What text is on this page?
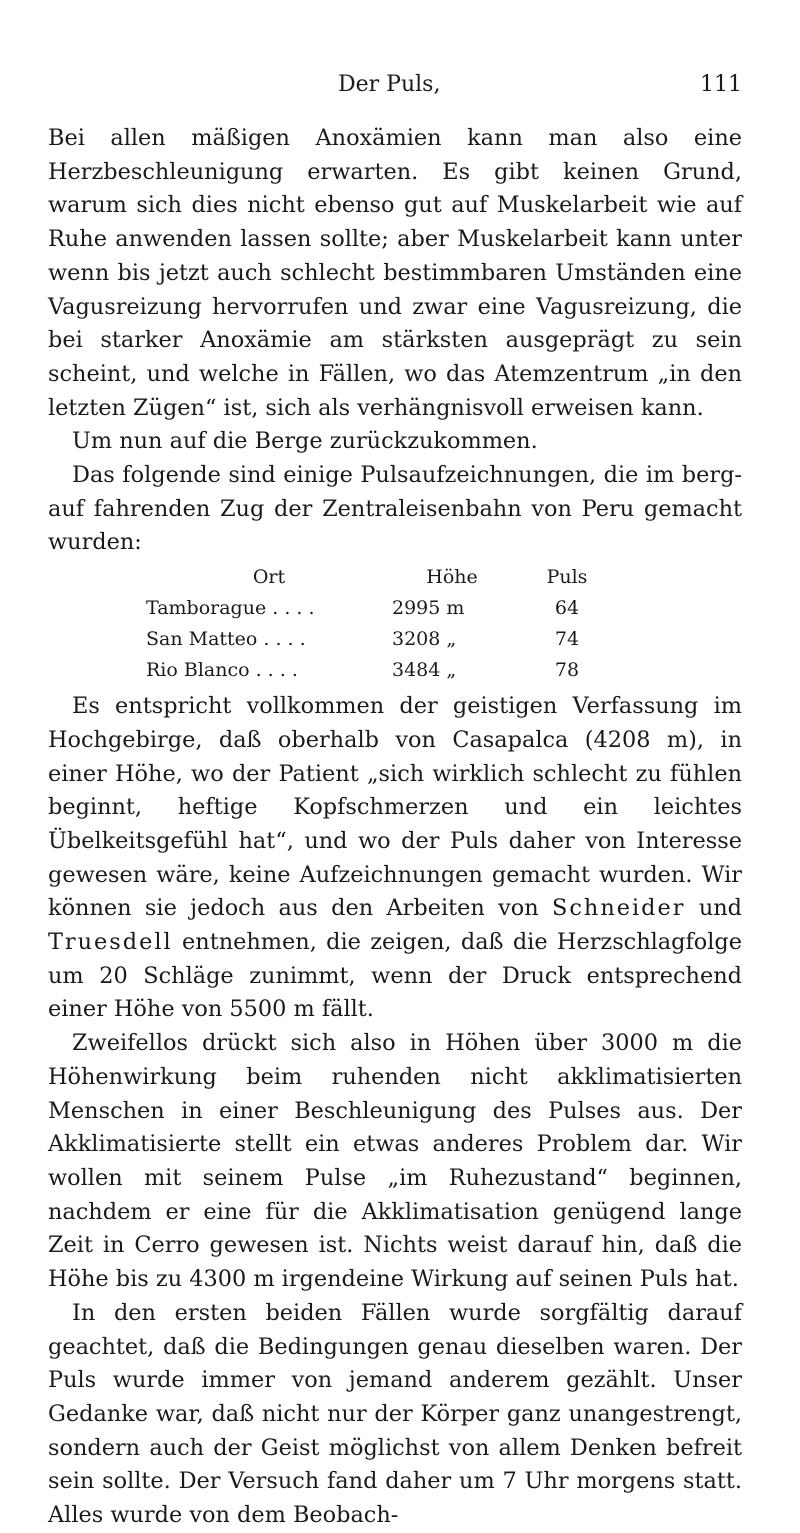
Der Puls,	111

Bei allen mäßigen Anoxämien kann man also eine Herzbeschleunigung erwarten. Es gibt keinen Grund, warum sich dies nicht ebenso gut auf Muskelarbeit wie auf Ruhe anwenden lassen sollte; aber Muskelarbeit kann unter wenn bis jetzt auch schlecht bestimmbaren Umständen eine Vagusreizung hervorrufen und zwar eine Vagusreizung, die bei starker Anoxämie am stärksten ausgeprägt zu sein scheint, und welche in Fällen, wo das Atemzentrum „in den letzten Zügen“ ist, sich als verhängnisvoll erweisen kann.

Um nun auf die Berge zurückzukommen.

Das folgende sind einige Pulsaufzeichnungen, die im bergauf fahrenden Zug der Zentraleisenbahn von Peru gemacht wurden:

Ort	Höhe	Puls
Tamborague . . . .	2995 m	64
San Matteo . . . .	3208 „	74
Rio Blanco . . . .	3484 „	78

Es entspricht vollkommen der geistigen Verfassung im Hochgebirge, daß oberhalb von Casapalca (4208 m), in einer Höhe, wo der Patient „sich wirklich schlecht zu fühlen beginnt, heftige Kopfschmerzen und ein leichtes Übelkeitsgefühl hat“, und wo der Puls daher von Interesse gewesen wäre, keine Aufzeichnungen gemacht wurden. Wir können sie jedoch aus den Arbeiten von Schneider und Truesdell entnehmen, die zeigen, daß die Herzschlagfolge um 20 Schläge zunimmt, wenn der Druck entsprechend einer Höhe von 5500 m fällt.

Zweifellos drückt sich also in Höhen über 3000 m die Höhenwirkung beim ruhenden nicht akklimatisierten Menschen in einer Beschleunigung des Pulses aus. Der Akklimatisierte stellt ein etwas anderes Problem dar. Wir wollen mit seinem Pulse „im Ruhezustand“ beginnen, nachdem er eine für die Akklimatisation genügend lange Zeit in Cerro gewesen ist. Nichts weist darauf hin, daß die Höhe bis zu 4300 m irgendeine Wirkung auf seinen Puls hat.

In den ersten beiden Fällen wurde sorgfältig darauf geachtet, daß die Bedingungen genau dieselben waren. Der Puls wurde immer von jemand anderem gezählt. Unser Gedanke war, daß nicht nur der Körper ganz unangestrengt, sondern auch der Geist möglichst von allem Denken befreit sein sollte. Der Versuch fand daher um 7 Uhr morgens statt. Alles wurde von dem Beobach-
